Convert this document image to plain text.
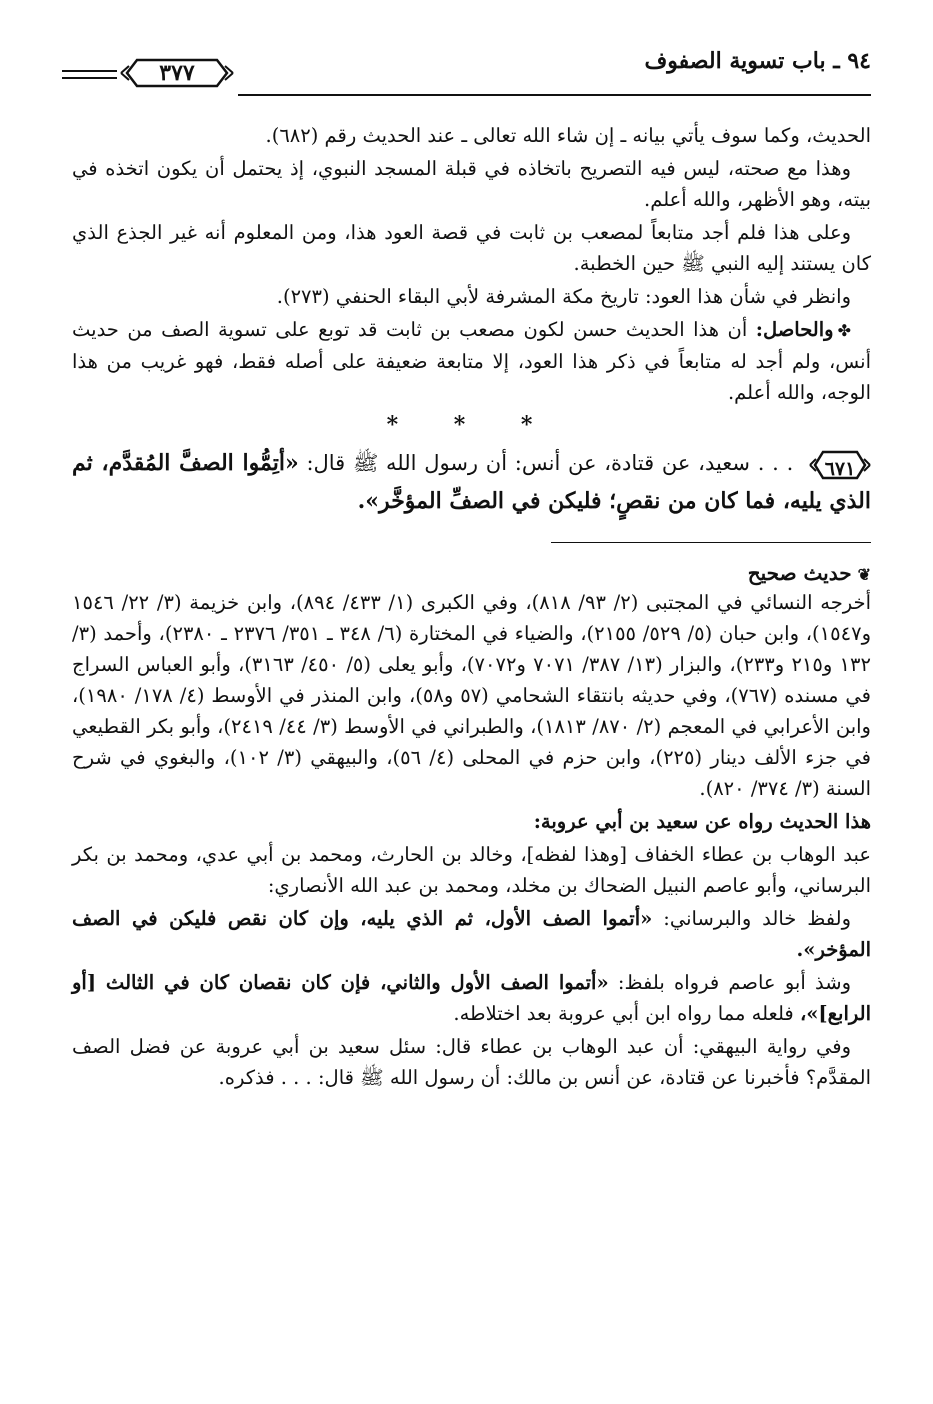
٩٤ ـ باب تسوية الصفوف
٣٧٧

الحديث، وكما سوف يأتي بيانه ـ إن شاء الله تعالى ـ عند الحديث رقم (٦٨٢).

وهذا مع صحته، ليس فيه التصريح باتخاذه في قبلة المسجد النبوي، إذ يحتمل أن يكون اتخذه في بيته، وهو الأظهر، والله أعلم.

وعلى هذا فلم أجد متابعاً لمصعب بن ثابت في قصة العود هذا، ومن المعلوم أنه غير الجذع الذي كان يستند إليه النبي ﷺ حين الخطبة.

وانظر في شأن هذا العود: تاريخ مكة المشرفة لأبي البقاء الحنفي (٢٧٣).

✤والحاصل: أن هذا الحديث حسن لكون مصعب بن ثابت قد توبع على تسوية الصف من حديث أنس، ولم أجد له متابعاً في ذكر هذا العود، إلا متابعة ضعيفة على أصله فقط، فهو غريب من هذا الوجه، والله أعلم.

* * *
٦٧١
. . . سعيد، عن قتادة، عن أنس: أن رسول الله ﷺ قال: «أتِمُّوا الصفَّ المُقدَّم، ثم الذي يليه، فما كان من نقصٍ؛ فليكن في الصفِّ المؤخَّر».

❦حديث صحيح

أخرجه النسائي في المجتبى (٢/ ٩٣/ ٨١٨)، وفي الكبرى (١/ ٤٣٣/ ٨٩٤)، وابن خزيمة (٣/ ٢٢/ ١٥٤٦ و١٥٤٧)، وابن حبان (٥/ ٥٢٩/ ٢١٥٥)، والضياء في المختارة (٦/ ٣٤٨ ـ ٣٥١/ ٢٣٧٦ ـ ٢٣٨٠)، وأحمد (٣/ ١٣٢ و٢١٥ و٢٣٣)، والبزار (١٣/ ٣٨٧/ ٧٠٧١ و٧٠٧٢)، وأبو يعلى (٥/ ٤٥٠/ ٣١٦٣)، وأبو العباس السراج في مسنده (٧٦٧)، وفي حديثه بانتقاء الشحامي (٥٧ و٥٨)، وابن المنذر في الأوسط (٤/ ١٧٨/ ١٩٨٠)، وابن الأعرابي في المعجم (٢/ ٨٧٠/ ١٨١٣)، والطبراني في الأوسط (٣/ ٤٤/ ٢٤١٩)، وأبو بكر القطيعي في جزء الألف دينار (٢٢٥)، وابن حزم في المحلى (٤/ ٥٦)، والبيهقي (٣/ ١٠٢)، والبغوي في شرح السنة (٣/ ٣٧٤/ ٨٢٠).

هذا الحديث رواه عن سعيد بن أبي عروبة:

عبد الوهاب بن عطاء الخفاف [وهذا لفظه]، وخالد بن الحارث، ومحمد بن أبي عدي، ومحمد بن بكر البرساني، وأبو عاصم النبيل الضحاك بن مخلد، ومحمد بن عبد الله الأنصاري:

ولفظ خالد والبرساني: «أتموا الصف الأول، ثم الذي يليه، وإن كان نقص فليكن في الصف المؤخر».

وشذ أبو عاصم فرواه بلفظ: «أتموا الصف الأول والثاني، فإن كان نقصان كان في الثالث [أو الرابع]»، فلعله مما رواه ابن أبي عروبة بعد اختلاطه.

وفي رواية البيهقي: أن عبد الوهاب بن عطاء قال: سئل سعيد بن أبي عروبة عن فضل الصف المقدَّم؟ فأخبرنا عن قتادة، عن أنس بن مالك: أن رسول الله ﷺ قال: . . . فذكره.
